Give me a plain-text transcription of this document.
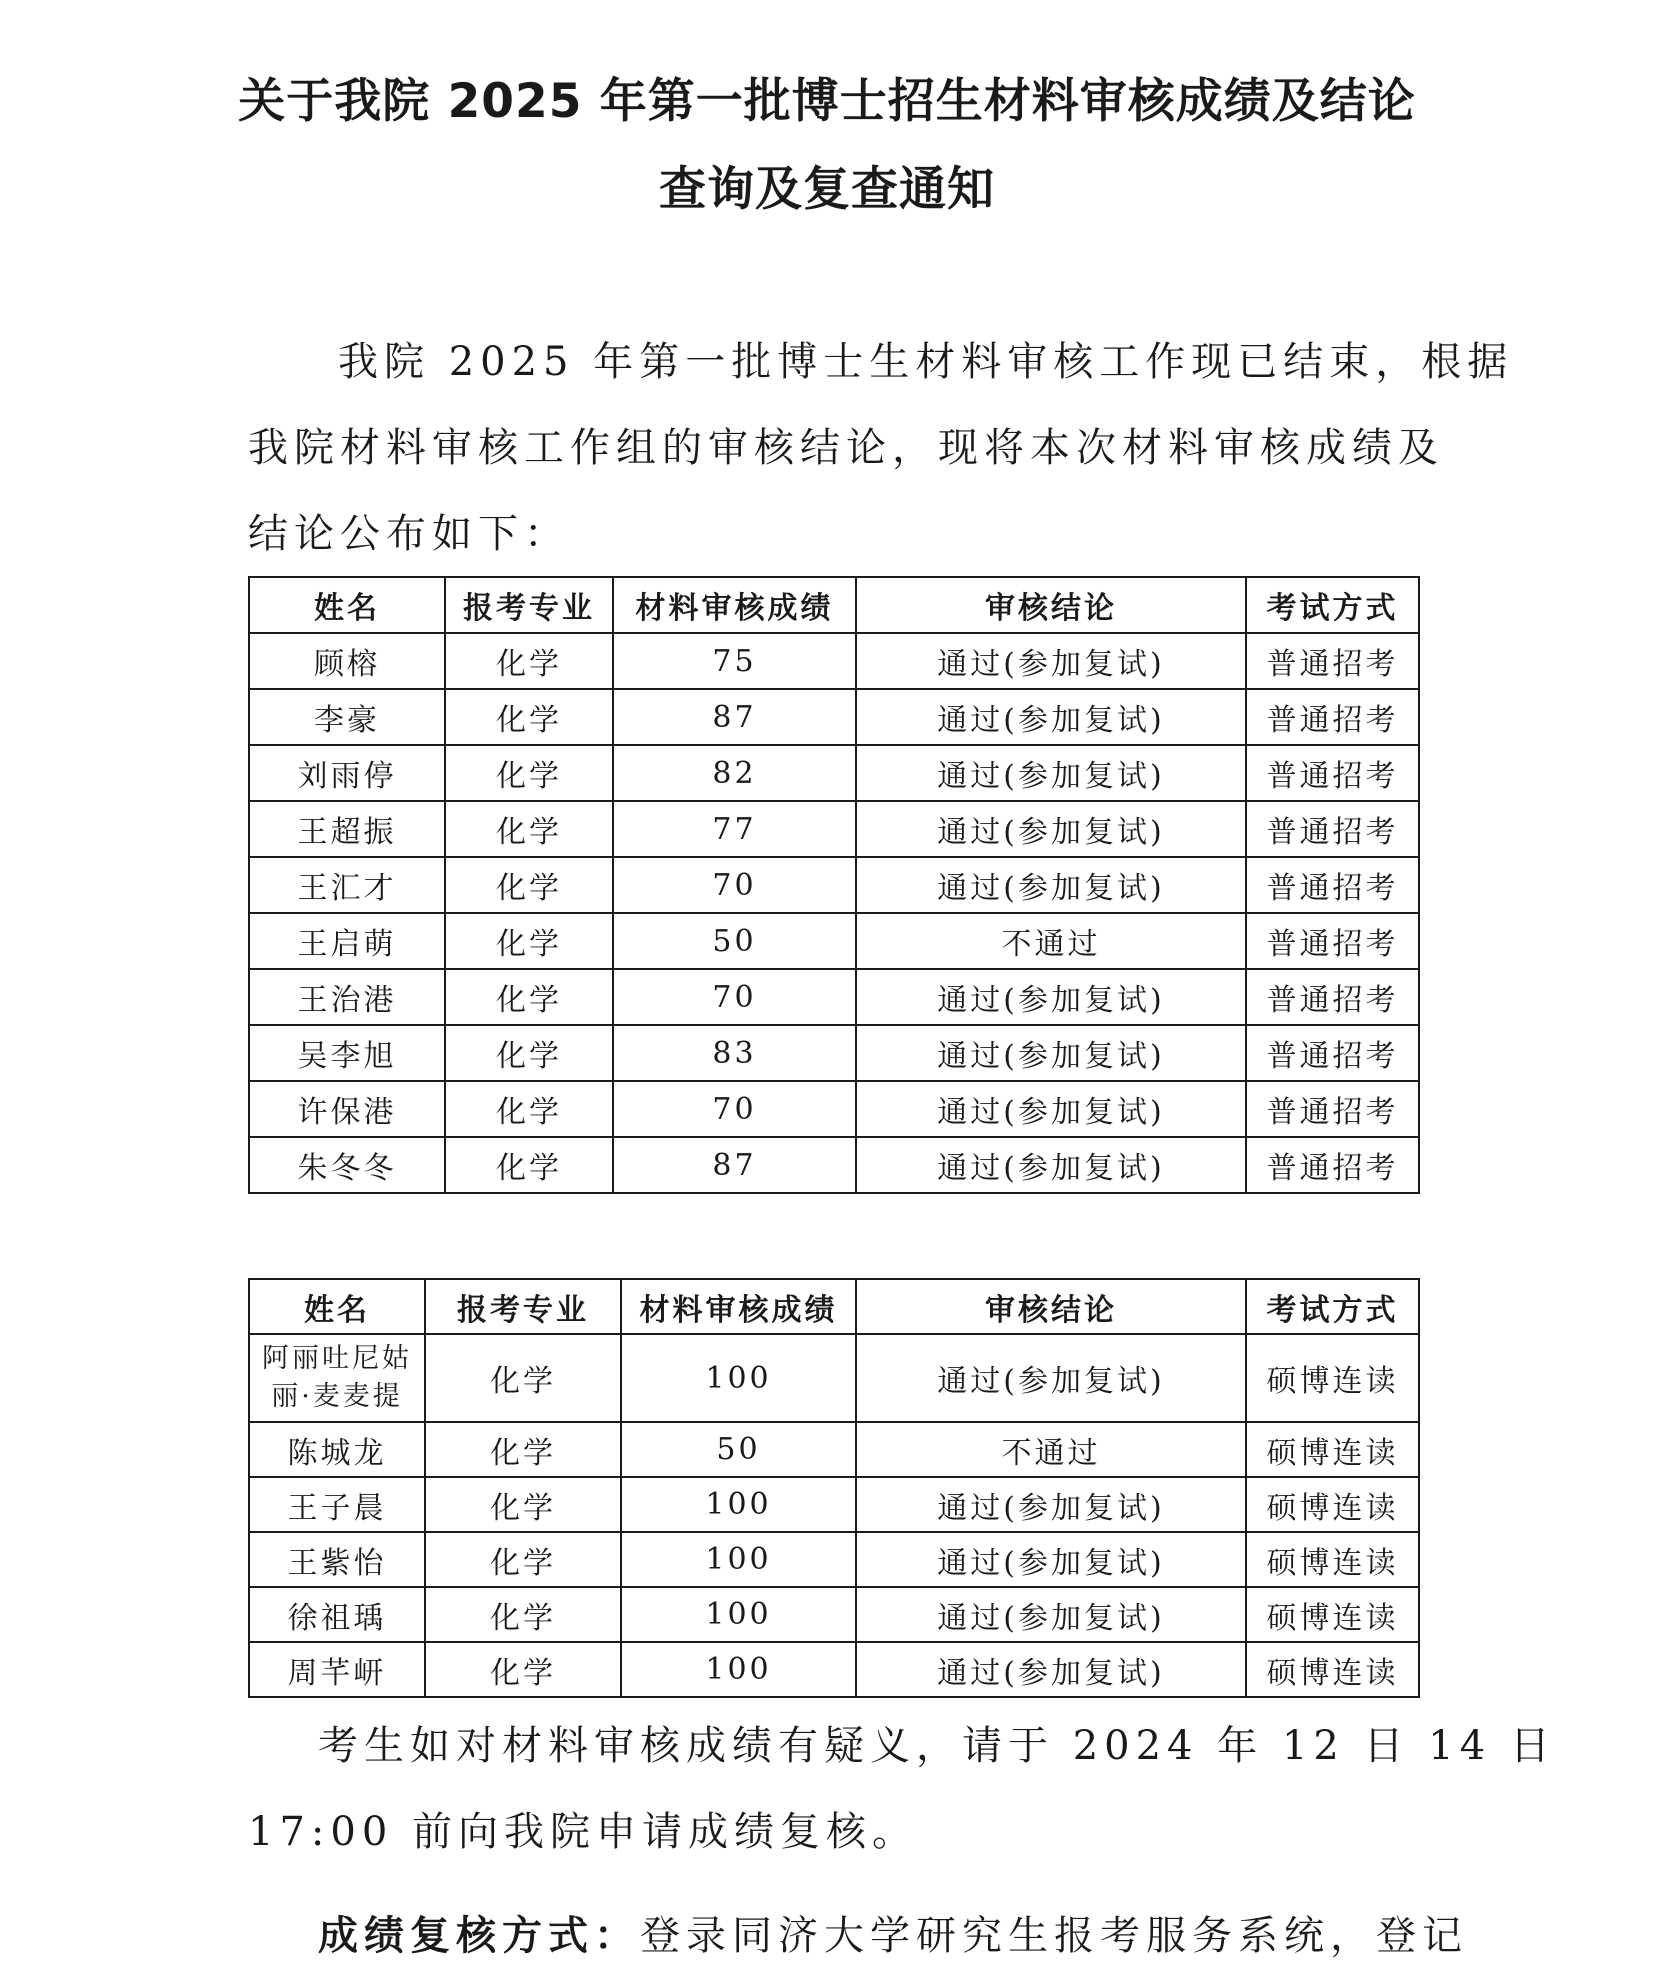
关于我院 2025 年第一批博士招生材料审核成绩及结论
查询及复查通知
我院 2025 年第一批博士生材料审核工作现已结束，根据
我院材料审核工作组的审核结论，现将本次材料审核成绩及
结论公布如下：
姓名	报考专业	材料审核成绩	审核结论	考试方式
顾榕	化学	75	通过(参加复试)	普通招考
李豪	化学	87	通过(参加复试)	普通招考
刘雨停	化学	82	通过(参加复试)	普通招考
王超振	化学	77	通过(参加复试)	普通招考
王汇才	化学	70	通过(参加复试)	普通招考
王启萌	化学	50	不通过	普通招考
王治港	化学	70	通过(参加复试)	普通招考
吴李旭	化学	83	通过(参加复试)	普通招考
许保港	化学	70	通过(参加复试)	普通招考
朱冬冬	化学	87	通过(参加复试)	普通招考
姓名	报考专业	材料审核成绩	审核结论	考试方式

阿丽吐尼姑
丽·麦麦提	化学	100	通过(参加复试)	硕博连读
陈城龙	化学	50	不通过	硕博连读
王子晨	化学	100	通过(参加复试)	硕博连读
王紫怡	化学	100	通过(参加复试)	硕博连读
徐祖瑀	化学	100	通过(参加复试)	硕博连读
周芊岍	化学	100	通过(参加复试)	硕博连读
考生如对材料审核成绩有疑义，请于 2024 年 12 日 14 日
17:00 前向我院申请成绩复核。
成绩复核方式：登录同济大学研究生报考服务系统，登记
